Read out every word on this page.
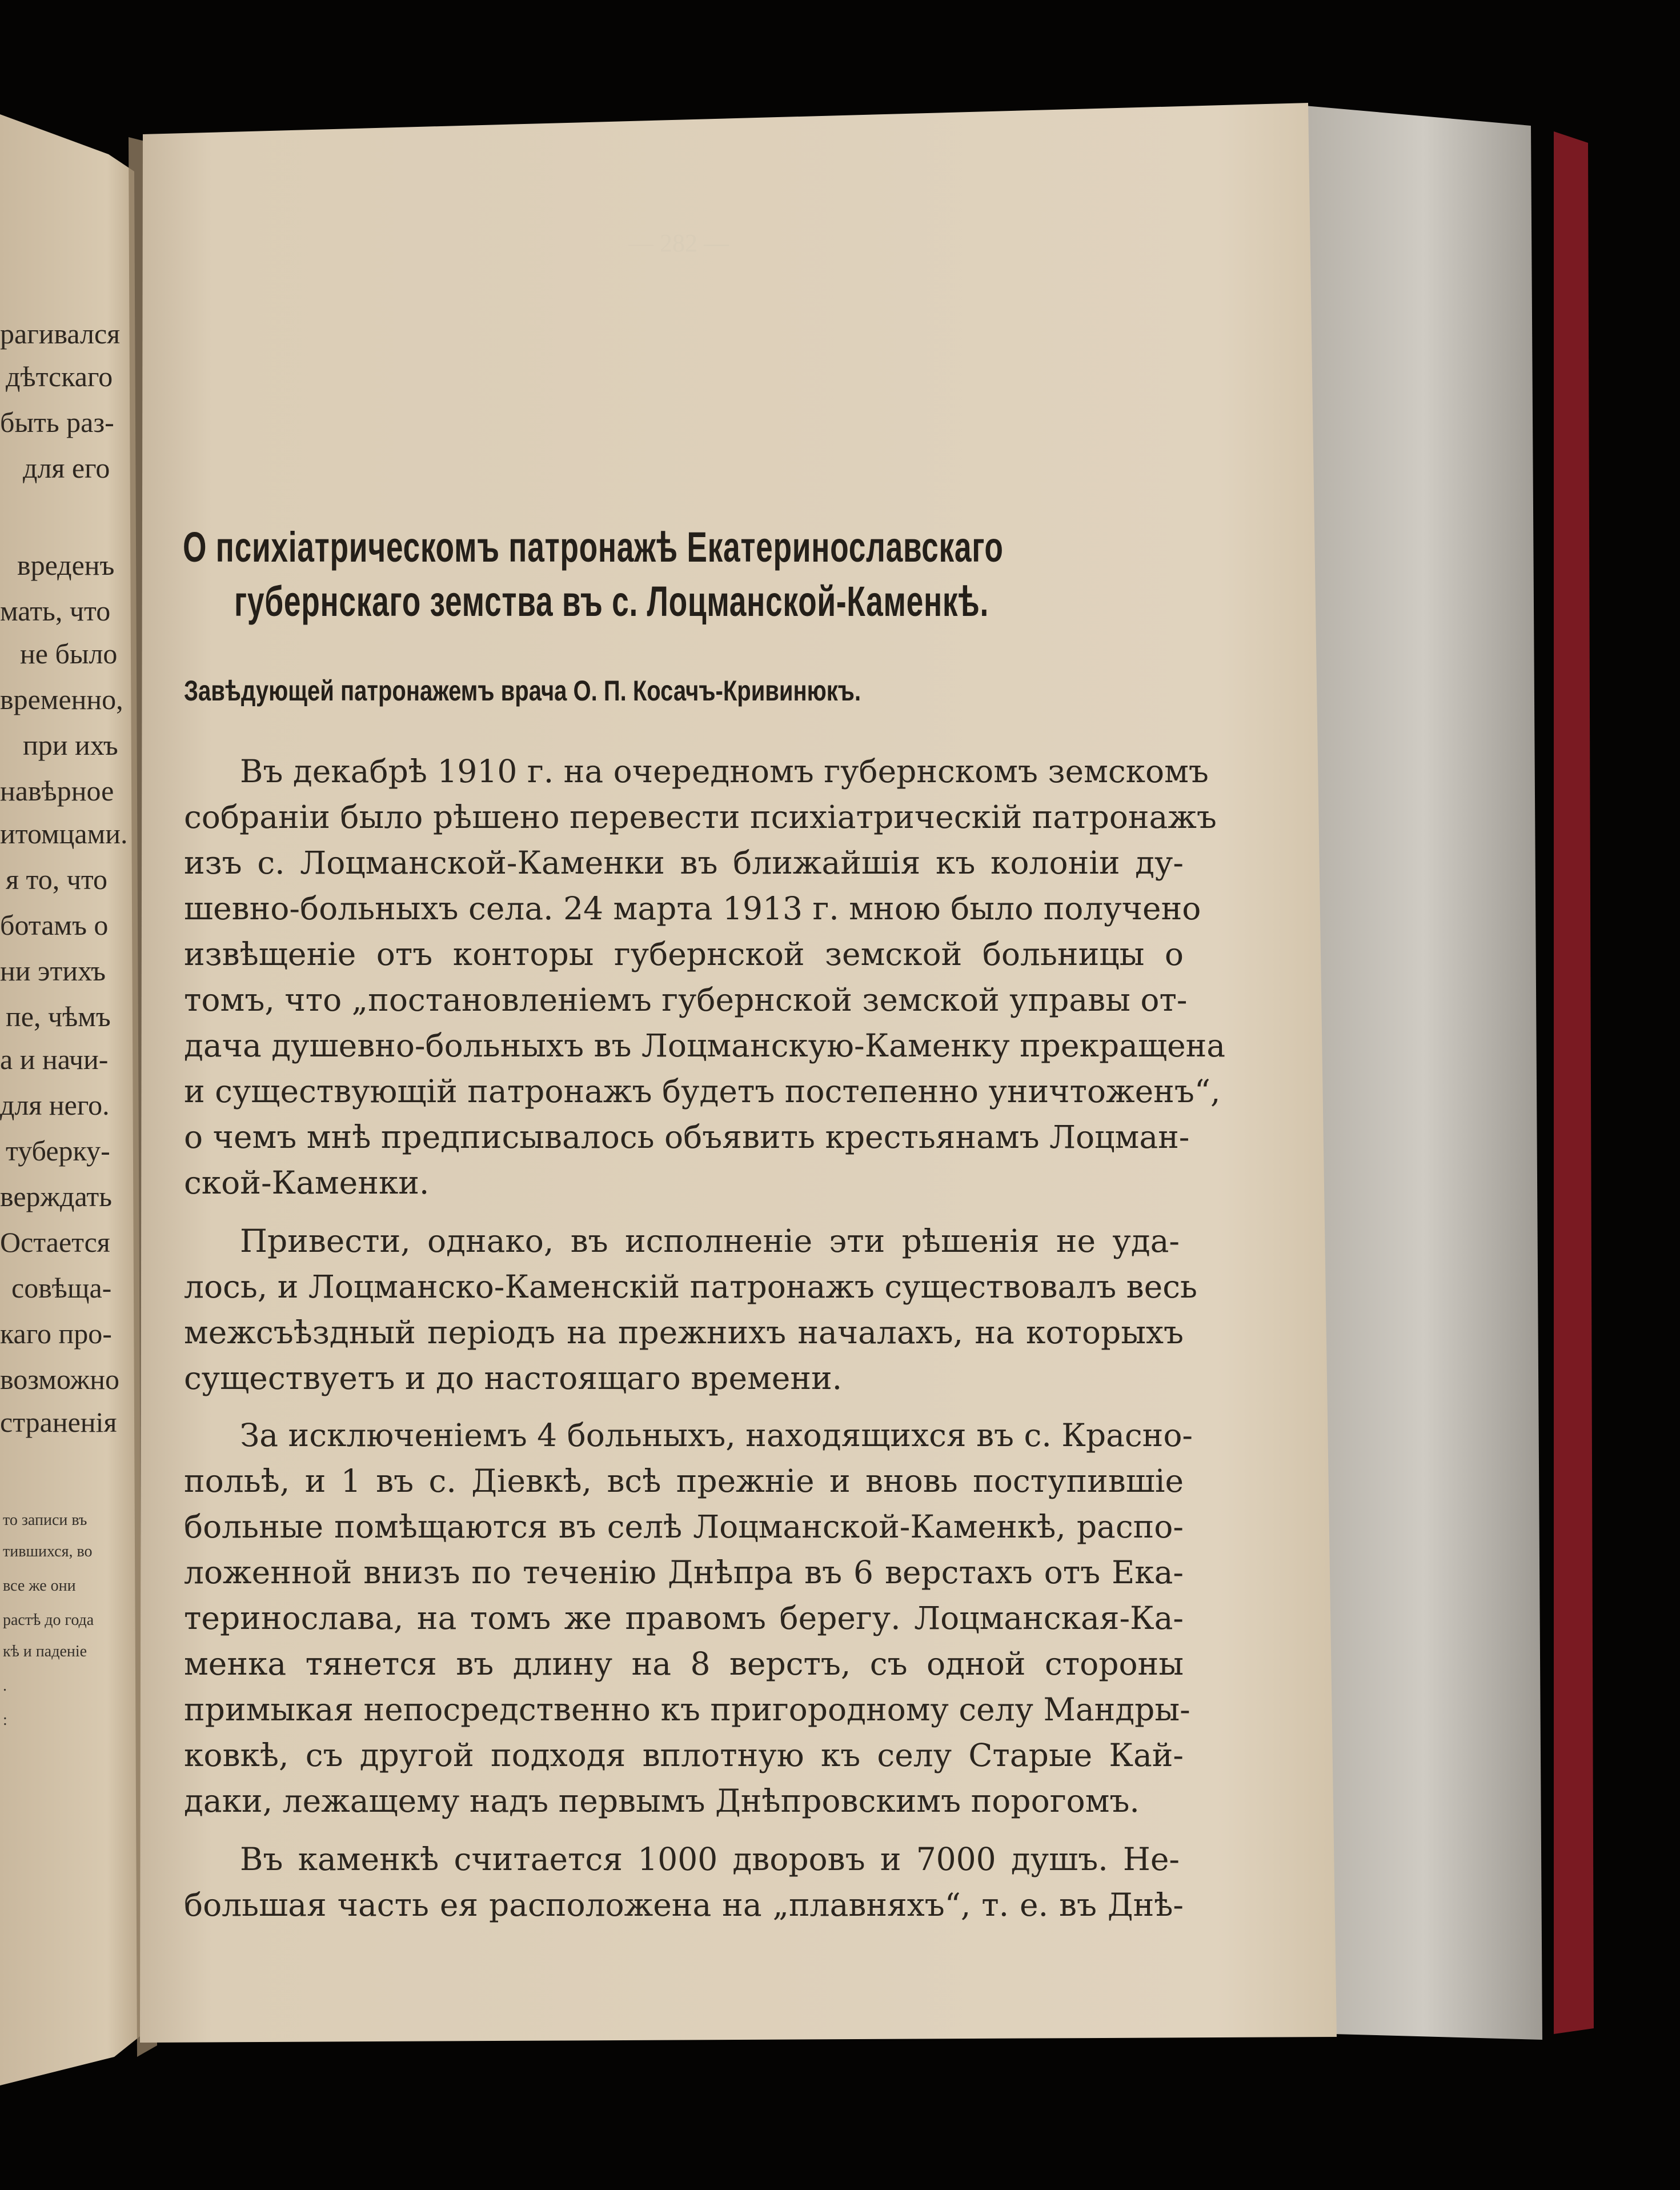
рагивался

дѣтскаго

быть раз-

для его

вреденъ

мать, что

не было

временно,

при ихъ

навѣрное

итомцами.

я то, что

ботамъ о

ни этихъ

пе, чѣмъ

а и начи-

для него.

туберку-

верждать

Остается

совѣща-

каго про-

возможно

страненія

то записи въ

тившихся, во

все же они

растѣ до года

кѣ и паденіе

.

:

— 282 —

О психіатрическомъ патронажѣ Екатеринославскаго

губернскаго земства въ с. Лоцманской-Каменкѣ.

Завѣдующей патронажемъ врача О. П. Косачъ-Кривинюкъ.

Въ декабрѣ 1910 г. на очередномъ губернскомъ земскомъ

собраніи было рѣшено перевести психіатрическій патронажъ

изъ с. Лоцманской-Каменки въ ближайшія къ колоніи ду-

шевно-больныхъ села. 24 марта 1913 г. мною было получено

извѣщеніе отъ конторы губернской земской больницы о

томъ, что „постановленіемъ губернской земской управы от-

дача душевно-больныхъ въ Лоцманскую-Каменку прекращена

и существующій патронажъ будетъ постепенно уничтоженъ“,

о чемъ мнѣ предписывалось объявить крестьянамъ Лоцман-

ской-Каменки.

Привести, однако, въ исполненіе эти рѣшенія не уда-

лось, и Лоцманско-Каменскій патронажъ существовалъ весь

межсъѣздный періодъ на прежнихъ началахъ, на которыхъ

существуетъ и до настоящаго времени.

За исключеніемъ 4 больныхъ, находящихся въ с. Красно-

польѣ, и 1 въ с. Діевкѣ, всѣ прежніе и вновь поступившіе

больные помѣщаются въ селѣ Лоцманской-Каменкѣ, распо-

ложенной внизъ по теченію Днѣпра въ 6 верстахъ отъ Ека-

теринослава, на томъ же правомъ берегу. Лоцманская-Ка-

менка тянется въ длину на 8 верстъ, съ одной стороны

примыкая непосредственно къ пригородному селу Мандры-

ковкѣ, съ другой подходя вплотную къ селу Старые Кай-

даки, лежащему надъ первымъ Днѣпровскимъ порогомъ.

Въ каменкѣ считается 1000 дворовъ и 7000 душъ. Не-

большая часть ея расположена на „плавняхъ“, т. е. въ Днѣ-
